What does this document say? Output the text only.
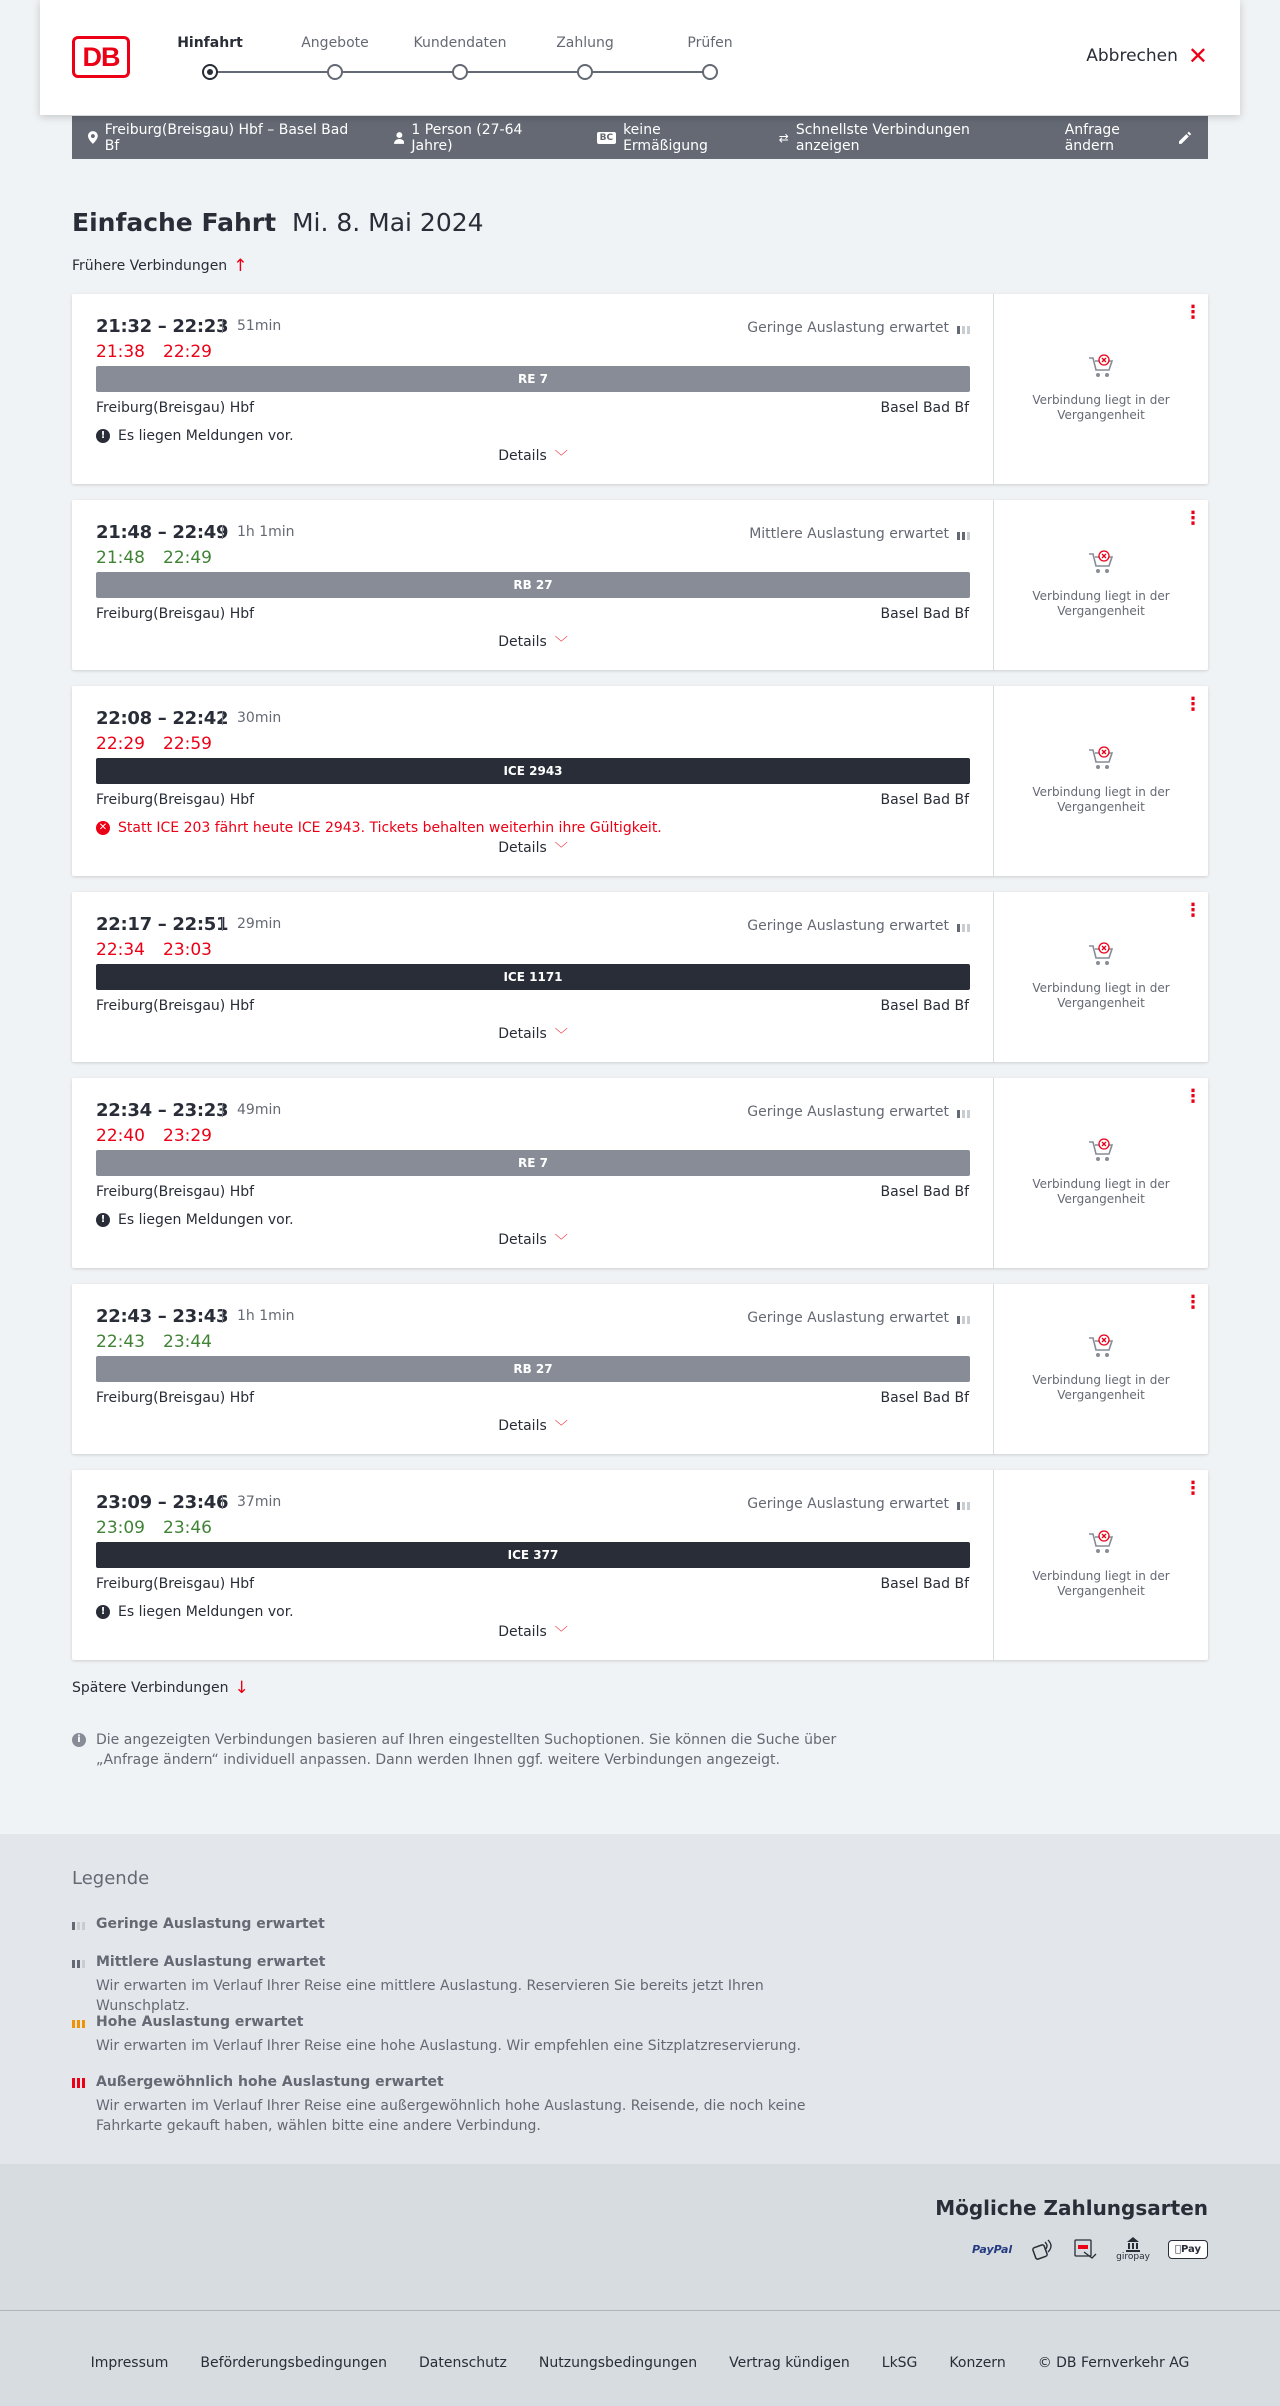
DB	Hinfahrt	Angebote	Kundendaten	Zahlung	Prüfen
Abbrechen ✕
Freiburg(Breisgau) Hbf – Basel Bad Bf
1 Person (27-64 Jahre)	BC keine Ermäßigung	⇄ Schnellste Verbindungen anzeigen
Anfrage ändern
Einfache Fahrt Mi. 8. Mai 2024
Frühere Verbindungen ↑
21:32 – 22:23 51min
21:38 22:29
Geringe Auslastung erwartet
RE 7
Freiburg(Breisgau) Hbf	Basel Bad Bf
! Es liegen Meldungen vor.
Details ﹀
⋮
Verbindung liegt in der Vergangenheit
21:48 – 22:49 1h 1min
21:48 22:49
Mittlere Auslastung erwartet
RB 27
Freiburg(Breisgau) Hbf	Basel Bad Bf
Details ﹀
⋮
Verbindung liegt in der Vergangenheit
22:08 – 22:42 30min
22:29 22:59
ICE 2943
Freiburg(Breisgau) Hbf	Basel Bad Bf
✕ Statt ICE 203 fährt heute ICE 2943. Tickets behalten weiterhin ihre Gültigkeit.
Details ﹀
⋮
Verbindung liegt in der Vergangenheit
22:17 – 22:51 29min
22:34 23:03
Geringe Auslastung erwartet
ICE 1171
Freiburg(Breisgau) Hbf	Basel Bad Bf
Details ﹀
⋮
Verbindung liegt in der Vergangenheit
22:34 – 23:23 49min
22:40 23:29
Geringe Auslastung erwartet
RE 7
Freiburg(Breisgau) Hbf	Basel Bad Bf
! Es liegen Meldungen vor.
Details ﹀
⋮
Verbindung liegt in der Vergangenheit
22:43 – 23:43 1h 1min
22:43 23:44
Geringe Auslastung erwartet
RB 27
Freiburg(Breisgau) Hbf	Basel Bad Bf
Details ﹀
⋮
Verbindung liegt in der Vergangenheit
23:09 – 23:46 37min
23:09 23:46
Geringe Auslastung erwartet
ICE 377
Freiburg(Breisgau) Hbf	Basel Bad Bf
! Es liegen Meldungen vor.
Details ﹀
⋮
Verbindung liegt in der Vergangenheit
Spätere Verbindungen ↓
i	Die angezeigten Verbindungen basieren auf Ihren eingestellten Suchoptionen. Sie können die Suche über „Anfrage ändern“ individuell anpassen. Dann werden Ihnen ggf. weitere Verbindungen angezeigt.
Legende
Geringe Auslastung erwartet
Mittlere Auslastung erwartet
Wir erwarten im Verlauf Ihrer Reise eine mittlere Auslastung. Reservieren Sie bereits jetzt Ihren Wunschplatz.
Hohe Auslastung erwartet
Wir erwarten im Verlauf Ihrer Reise eine hohe Auslastung. Wir empfehlen eine Sitzplatzreservierung.
Außergewöhnlich hohe Auslastung erwartet
Wir erwarten im Verlauf Ihrer Reise eine außergewöhnlich hohe Auslastung. Reisende, die noch keine Fahrkarte gekauft haben, wählen bitte eine andere Verbindung.
Mögliche Zahlungsarten
PayPal
giropay
Pay
Impressum Beförderungsbedingungen Datenschutz Nutzungsbedingungen Vertrag kündigen LkSG Konzern © DB Fernverkehr AG
